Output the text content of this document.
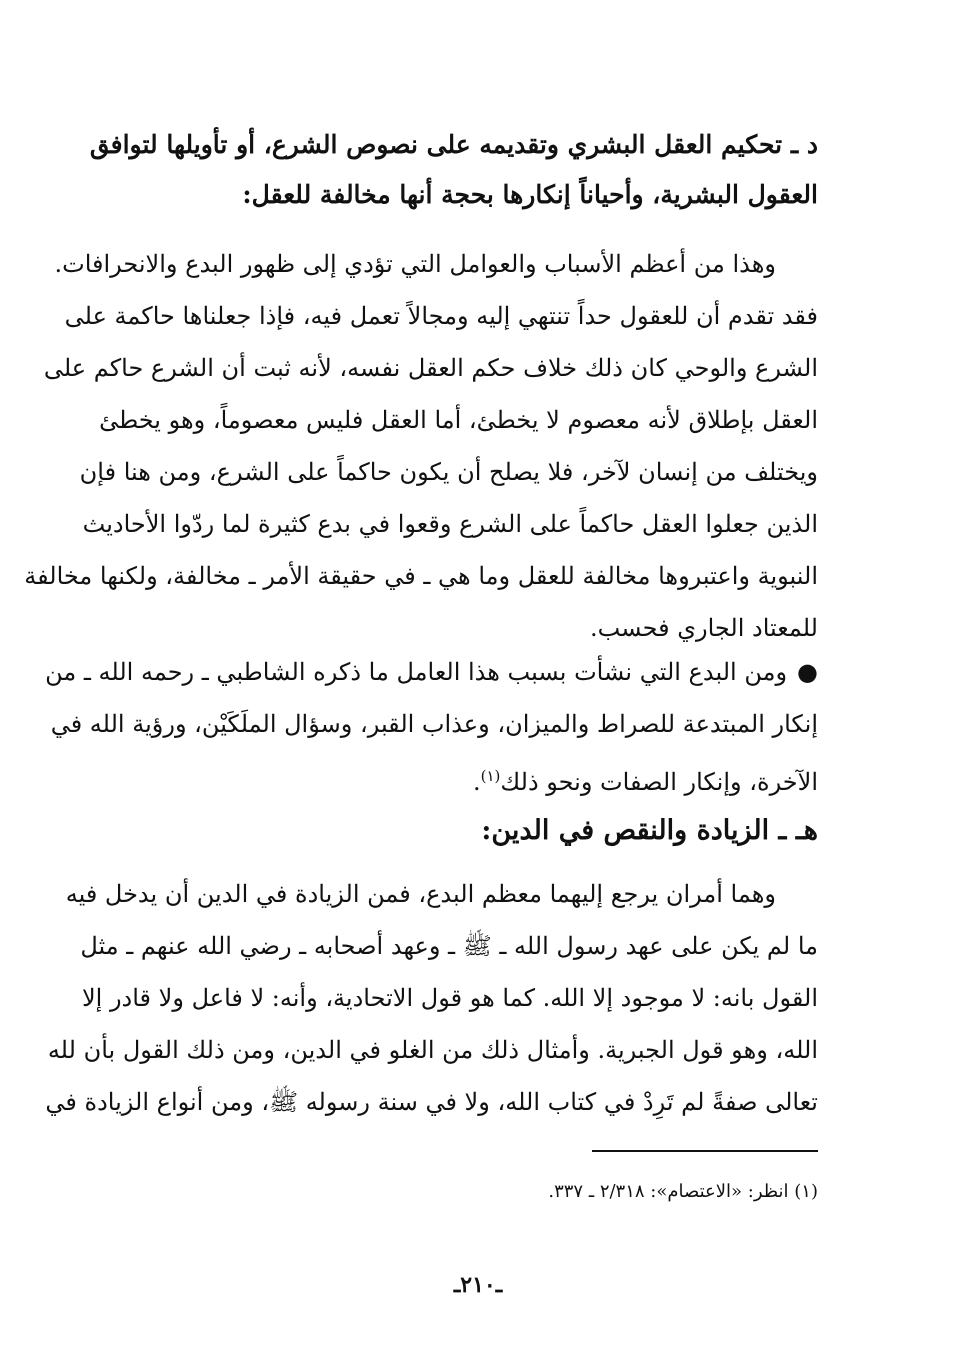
د ـ تحكيم العقل البشري وتقديمه على نصوص الشرع، أو تأويلها لتوافق
العقول البشرية، وأحياناً إنكارها بحجة أنها مخالفة للعقل:
وهذا من أعظم الأسباب والعوامل التي تؤدي إلى ظهور البدع والانحرافات.
فقد تقدم أن للعقول حداً تنتهي إليه ومجالاً تعمل فيه، فإذا جعلناها حاكمة على
الشرع والوحي كان ذلك خلاف حكم العقل نفسه، لأنه ثبت أن الشرع حاكم على
العقل بإطلاق لأنه معصوم لا يخطئ، أما العقل فليس معصوماً، وهو يخطئ
ويختلف من إنسان لآخر، فلا يصلح أن يكون حاكماً على الشرع، ومن هنا فإن
الذين جعلوا العقل حاكماً على الشرع وقعوا في بدع كثيرة لما ردّوا الأحاديث
النبوية واعتبروها مخالفة للعقل وما هي ـ في حقيقة الأمر ـ مخالفة، ولكنها مخالفة
للمعتاد الجاري فحسب.
●ومن البدع التي نشأت بسبب هذا العامل ما ذكره الشاطبي ـ رحمه الله ـ من
إنكار المبتدعة للصراط والميزان، وعذاب القبر، وسؤال الملَكَيْن، ورؤية الله في
الآخرة، وإنكار الصفات ونحو ذلك$^{(١)}$.
هـ ـ الزيادة والنقص في الدين:
وهما أمران يرجع إليهما معظم البدع، فمن الزيادة في الدين أن يدخل فيه
ما لم يكن على عهد رسول الله ـ ﷺ ـ وعهد أصحابه ـ رضي الله عنهم ـ مثل
القول بانه: لا موجود إلا الله. كما هو قول الاتحادية، وأنه: لا فاعل ولا قادر إلا
الله، وهو قول الجبرية. وأمثال ذلك من الغلو في الدين، ومن ذلك القول بأن لله
تعالى صفةً لم تَرِدْ في كتاب الله، ولا في سنة رسوله ﷺ، ومن أنواع الزيادة في
(١) انظر: «الاعتصام»: ٢/٣١٨ ـ ٣٣٧.
ـ٢١٠ـ
